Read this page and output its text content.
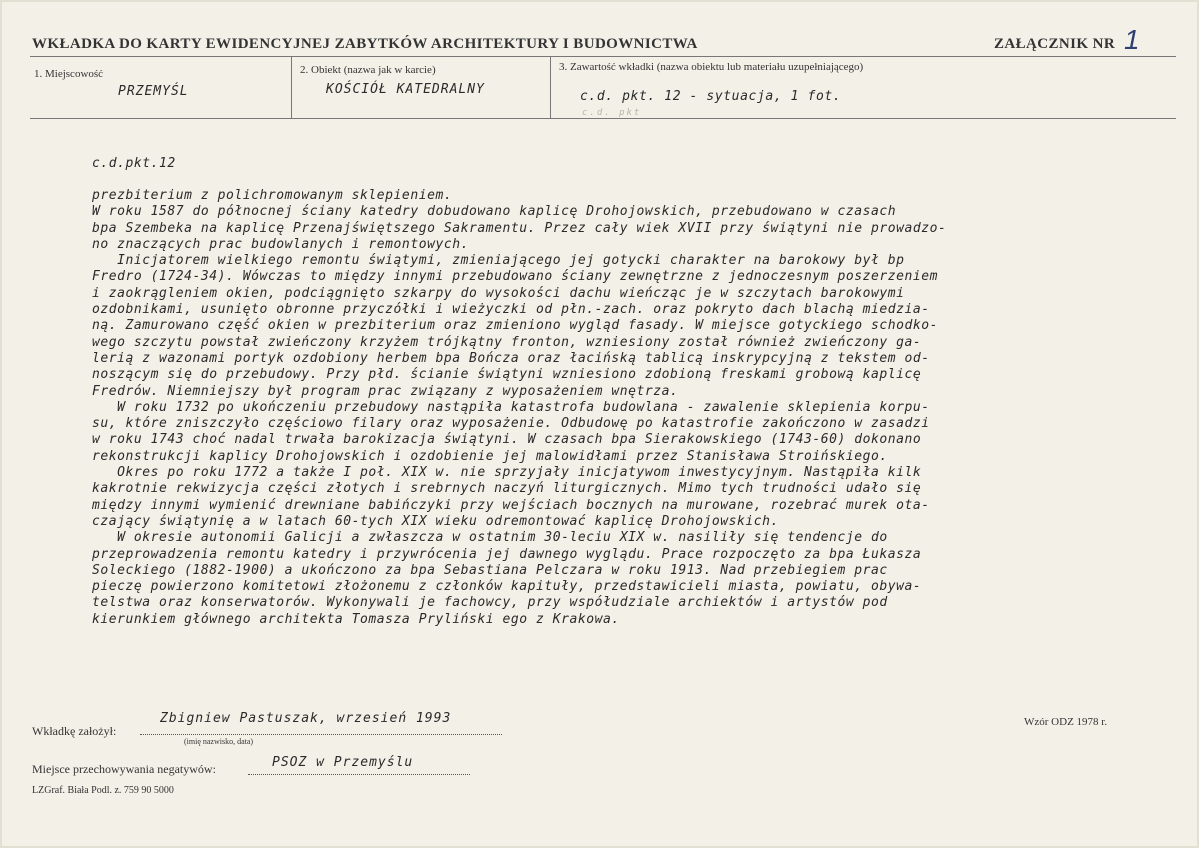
WKŁADKA DO KARTY EWIDENCYJNEJ ZABYTKÓW ARCHITEKTURY I BUDOWNICTWA	ZAŁĄCZNIK NR 1
1. Miejscowość
PRZEMYŚL
2. Obiekt (nazwa jak w karcie)
KOŚCIÓŁ KATEDRALNY
3. Zawartość wkładki (nazwa obiektu lub materiału uzupełniającego)
c.d. pkt. 12 - sytuacja, 1 fot.
c.d. pkt
c.d.pkt.12
prezbiterium z polichromowanym sklepieniem.
W roku 1587 do północnej ściany katedry dobudowano kaplicę Drohojowskich, przebudowano w czasach
bpa Szembeka na kaplicę Przenajświętszego Sakramentu. Przez cały wiek XVII przy świątyni nie prowadzo-
no znaczących prac budowlanych i remontowych.
Inicjatorem wielkiego remontu świątymi, zmieniającego jej gotycki charakter na barokowy był bp
Fredro (1724-34). Wówczas to między innymi przebudowano ściany zewnętrzne z jednoczesnym poszerzeniem
i zaokrągleniem okien, podciągnięto szkarpy do wysokości dachu wieńcząc je w szczytach barokowymi
ozdobnikami, usunięto obronne przyczółki i wieżyczki od płn.-zach. oraz pokryto dach blachą miedzia-
ną. Zamurowano część okien w prezbiterium oraz zmieniono wygląd fasady. W miejsce gotyckiego schodko-
wego szczytu powstał zwieńczony krzyżem trójkątny fronton, wzniesiony został również zwieńczony ga-
lerią z wazonami portyk ozdobiony herbem bpa Bończa oraz łacińską tablicą inskrypcyjną z tekstem od-
noszącym się do przebudowy. Przy płd. ścianie świątyni wzniesiono zdobioną freskami grobową kaplicę
Fredrów. Niemniejszy był program prac związany z wyposażeniem wnętrza.
W roku 1732 po ukończeniu przebudowy nastąpiła katastrofa budowlana - zawalenie sklepienia korpu-
su, które zniszczyło częściowo filary oraz wyposażenie. Odbudowę po katastrofie zakończono w zasadzi
w roku 1743 choć nadal trwała barokizacja świątyni. W czasach bpa Sierakowskiego (1743-60) dokonano
rekonstrukcji kaplicy Drohojowskich i ozdobienie jej malowidłami przez Stanisława Stroińskiego.
Okres po roku 1772 a także I poł. XIX w. nie sprzyjały inicjatywom inwestycyjnym. Nastąpiła kilk
kakrotnie rekwizycja części złotych i srebrnych naczyń liturgicznych. Mimo tych trudności udało się
między innymi wymienić drewniane babińczyki przy wejściach bocznych na murowane, rozebrać murek ota-
czający świątynię a w latach 60-tych XIX wieku odremontować kaplicę Drohojowskich.
W okresie autonomii Galicji a zwłaszcza w ostatnim 30-leciu XIX w. nasiliły się tendencje do
przeprowadzenia remontu katedry i przywrócenia jej dawnego wyglądu. Prace rozpoczęto za bpa Łukasza
Soleckiego (1882-1900) a ukończono za bpa Sebastiana Pelczara w roku 1913. Nad przebiegiem prac
pieczę powierzono komitetowi złożonemu z członków kapituły, przedstawicieli miasta, powiatu, obywa-
telstwa oraz konserwatorów. Wykonywali je fachowcy, przy współudziale archiektów i artystów pod
kierunkiem głównego architekta Tomasza Pryliński ego z Krakowa.
Wkładkę założył:
Zbigniew Pastuszak, wrzesień 1993
(imię nazwisko, data)
Wzór ODZ 1978 r.
Miejsce przechowywania negatywów:	PSOZ w Przemyślu
LZGraf. Biała Podl. z. 759 90 5000
